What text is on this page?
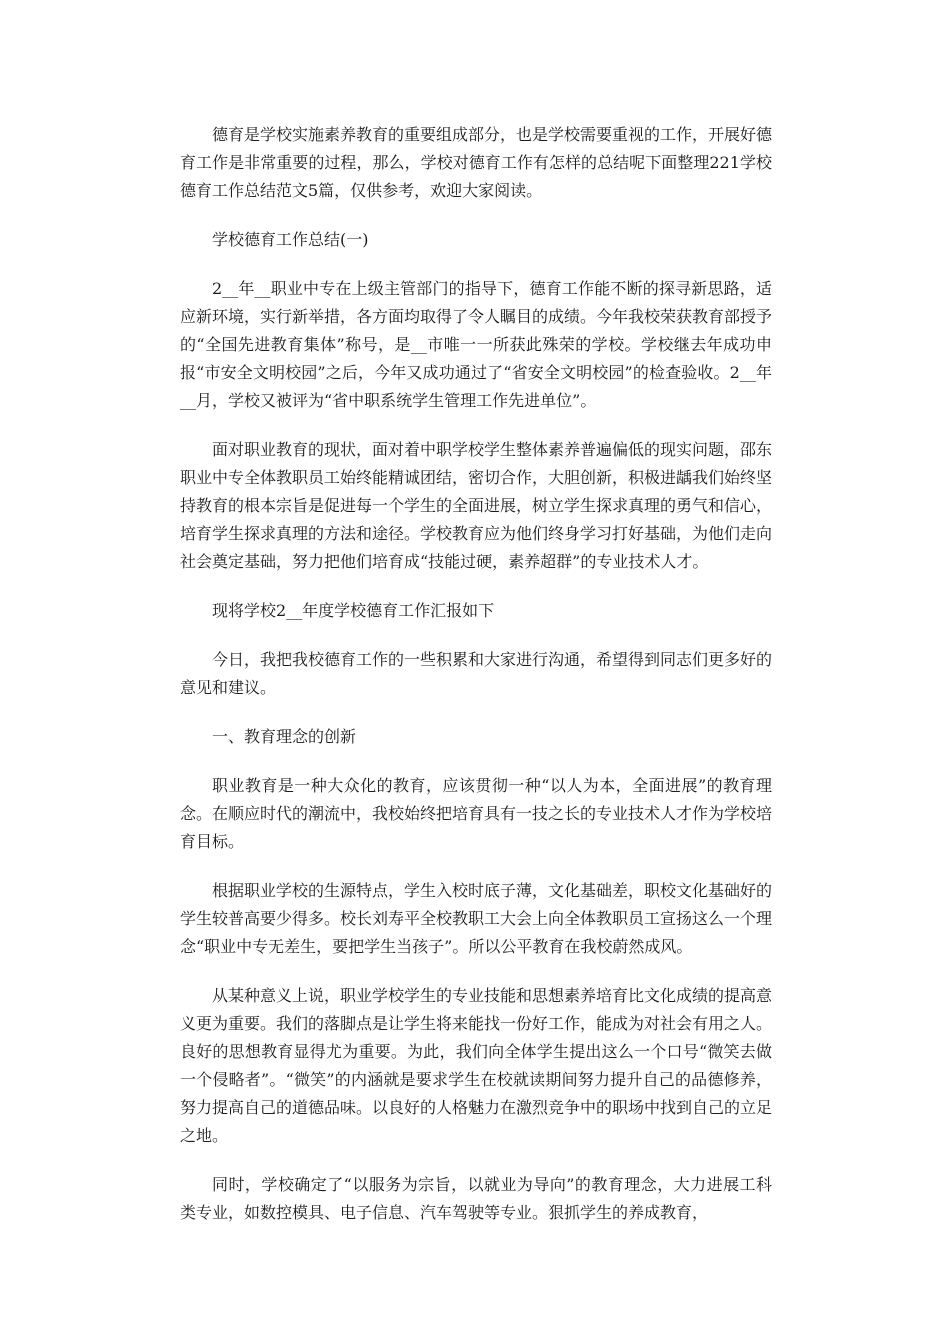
德育是学校实施素养教育的重要组成部分，也是学校需要重视的工作，开展好德育工作是非常重要的过程，那么，学校对德育工作有怎样的总结呢下面整理221学校德育工作总结范文5篇，仅供参考，欢迎大家阅读。

学校德育工作总结(一)

2__年__职业中专在上级主管部门的指导下，德育工作能不断的探寻新思路，适应新环境，实行新举措，各方面均取得了令人瞩目的成绩。今年我校荣获教育部授予的“全国先进教育集体”称号，是__市唯一一所获此殊荣的学校。学校继去年成功申报“市安全文明校园”之后，今年又成功通过了“省安全文明校园”的检查验收。2__年__月，学校又被评为“省中职系统学生管理工作先进单位”。

面对职业教育的现状，面对着中职学校学生整体素养普遍偏低的现实问题，邵东职业中专全体教职员工始终能精诚团结，密切合作，大胆创新，积极进龋我们始终坚持教育的根本宗旨是促进每一个学生的全面进展，树立学生探求真理的勇气和信心，培育学生探求真理的方法和途径。学校教育应为他们终身学习打好基础，为他们走向社会奠定基础，努力把他们培育成“技能过硬，素养超群”的专业技术人才。

现将学校2__年度学校德育工作汇报如下

今日，我把我校德育工作的一些积累和大家进行沟通，希望得到同志们更多好的意见和建议。

一、教育理念的创新

职业教育是一种大众化的教育，应该贯彻一种“以人为本，全面进展”的教育理念。在顺应时代的潮流中，我校始终把培育具有一技之长的专业技术人才作为学校培育目标。

根据职业学校的生源特点，学生入校时底子薄，文化基础差，职校文化基础好的学生较普高要少得多。校长刘寿平全校教职工大会上向全体教职员工宣扬这么一个理念“职业中专无差生，要把学生当孩子”。所以公平教育在我校蔚然成风。

从某种意义上说，职业学校学生的专业技能和思想素养培育比文化成绩的提高意义更为重要。我们的落脚点是让学生将来能找一份好工作，能成为对社会有用之人。良好的思想教育显得尤为重要。为此，我们向全体学生提出这么一个口号“微笑去做一个侵略者”。“微笑”的内涵就是要求学生在校就读期间努力提升自己的品德修养，努力提高自己的道德品味。以良好的人格魅力在激烈竞争中的职场中找到自己的立足之地。

同时，学校确定了“以服务为宗旨，以就业为导向”的教育理念，大力进展工科类专业，如数控模具、电子信息、汽车驾驶等专业。狠抓学生的养成教育，
